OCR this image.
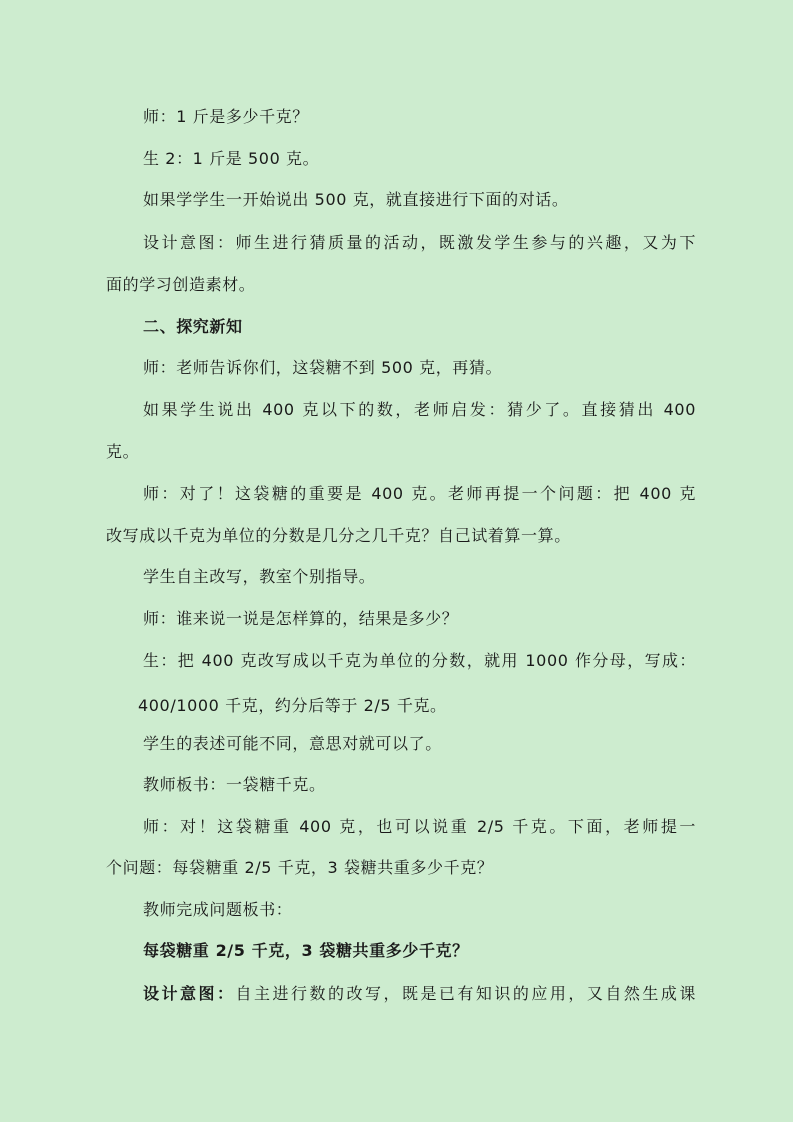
师：1 斤是多少千克？
生 2：1 斤是 500 克。
如果学学生一开始说出 500 克，就直接进行下面的对话。
设计意图：师生进行猜质量的活动，既激发学生参与的兴趣，又为下
面的学习创造素材。
二、探究新知
师：老师告诉你们，这袋糖不到 500 克，再猜。
如果学生说出 400 克以下的数，老师启发：猜少了。直接猜出 400
克。
师：对了！这袋糖的重要是 400 克。老师再提一个问题：把 400 克
改写成以千克为单位的分数是几分之几千克？自己试着算一算。
学生自主改写，教室个别指导。
师：谁来说一说是怎样算的，结果是多少？
生：把 400 克改写成以千克为单位的分数，就用 1000 作分母，写成：
400/1000 千克，约分后等于 2/5 千克。
学生的表述可能不同，意思对就可以了。
教师板书：一袋糖千克。
师：对！这袋糖重 400 克，也可以说重 2/5 千克。下面，老师提一
个问题：每袋糖重 2/5 千克，3 袋糖共重多少千克？
教师完成问题板书：
每袋糖重 2/5 千克，3 袋糖共重多少千克？
设计意图：自主进行数的改写，既是已有知识的应用，又自然生成课
